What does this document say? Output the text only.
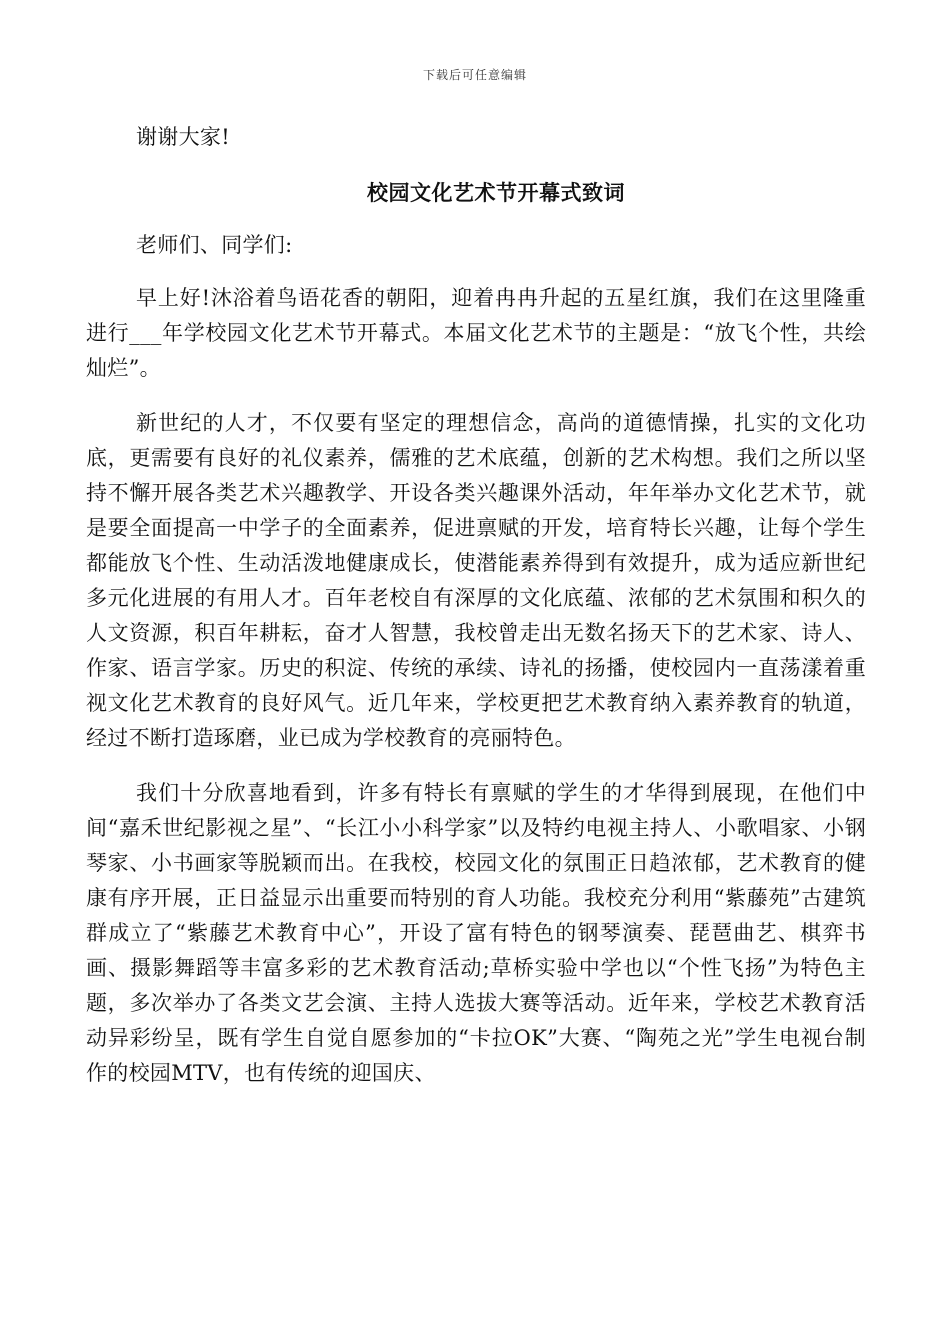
下载后可任意编辑

谢谢大家!

校园文化艺术节开幕式致词

老师们、同学们:

早上好!沐浴着鸟语花香的朝阳，迎着冉冉升起的五星红旗，我们在这里隆重进行___年学校园文化艺术节开幕式。本届文化艺术节的主题是：“放飞个性，共绘灿烂”。

新世纪的人才，不仅要有坚定的理想信念，高尚的道德情操，扎实的文化功底，更需要有良好的礼仪素养，儒雅的艺术底蕴，创新的艺术构想。我们之所以坚持不懈开展各类艺术兴趣教学、开设各类兴趣课外活动，年年举办文化艺术节，就是要全面提高一中学子的全面素养，促进禀赋的开发，培育特长兴趣，让每个学生都能放飞个性、生动活泼地健康成长，使潜能素养得到有效提升，成为适应新世纪多元化进展的有用人才。百年老校自有深厚的文化底蕴、浓郁的艺术氛围和积久的人文资源，积百年耕耘，奋才人智慧，我校曾走出无数名扬天下的艺术家、诗人、作家、语言学家。历史的积淀、传统的承续、诗礼的扬播，使校园内一直荡漾着重视文化艺术教育的良好风气。近几年来，学校更把艺术教育纳入素养教育的轨道，经过不断打造琢磨，业已成为学校教育的亮丽特色。

我们十分欣喜地看到，许多有特长有禀赋的学生的才华得到展现，在他们中间“嘉禾世纪影视之星”、“长江小小科学家”以及特约电视主持人、小歌唱家、小钢琴家、小书画家等脱颖而出。在我校，校园文化的氛围正日趋浓郁，艺术教育的健康有序开展，正日益显示出重要而特别的育人功能。我校充分利用“紫藤苑”古建筑群成立了“紫藤艺术教育中心”，开设了富有特色的钢琴演奏、琵琶曲艺、棋弈书画、摄影舞蹈等丰富多彩的艺术教育活动;草桥实验中学也以“个性飞扬”为特色主题，多次举办了各类文艺会演、主持人选拔大赛等活动。近年来，学校艺术教育活动异彩纷呈，既有学生自觉自愿参加的“卡拉OK”大赛、“陶苑之光”学生电视台制作的校园MTV，也有传统的迎国庆、
